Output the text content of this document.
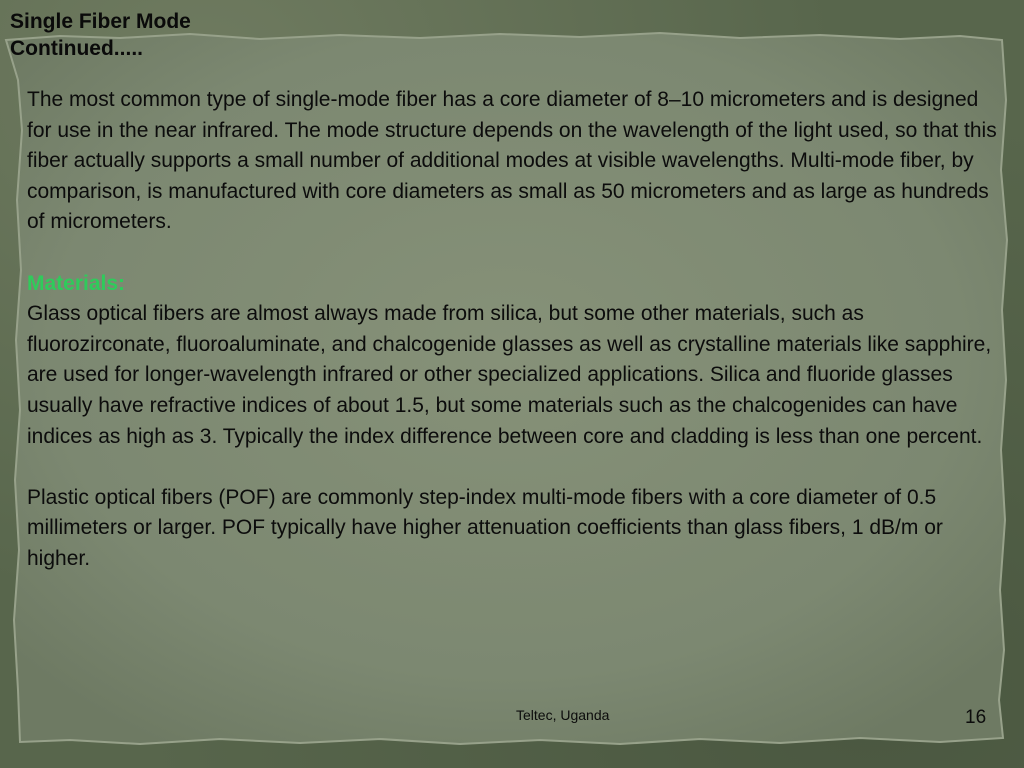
Single Fiber Mode
Continued.....

The most common type of single-mode fiber has a core diameter of 8–10 micrometers and is designed for use in the near infrared. The mode structure depends on the wavelength of the light used, so that this fiber actually supports a small number of additional modes at visible wavelengths. Multi-mode fiber, by comparison, is manufactured with core diameters as small as 50 micrometers and as large as hundreds of micrometers.

Materials:

Glass optical fibers are almost always made from silica, but some other materials, such as fluorozirconate, fluoroaluminate, and chalcogenide glasses as well as crystalline materials like sapphire, are used for longer-wavelength infrared or other specialized applications. Silica and fluoride glasses usually have refractive indices of about 1.5, but some materials such as the chalcogenides can have indices as high as 3. Typically the index difference between core and cladding is less than one percent.

Plastic optical fibers (POF) are commonly step-index multi-mode fibers with a core diameter of 0.5 millimeters or larger. POF typically have higher attenuation coefficients than glass fibers, 1 dB/m or higher.

Teltec, Uganda	16
